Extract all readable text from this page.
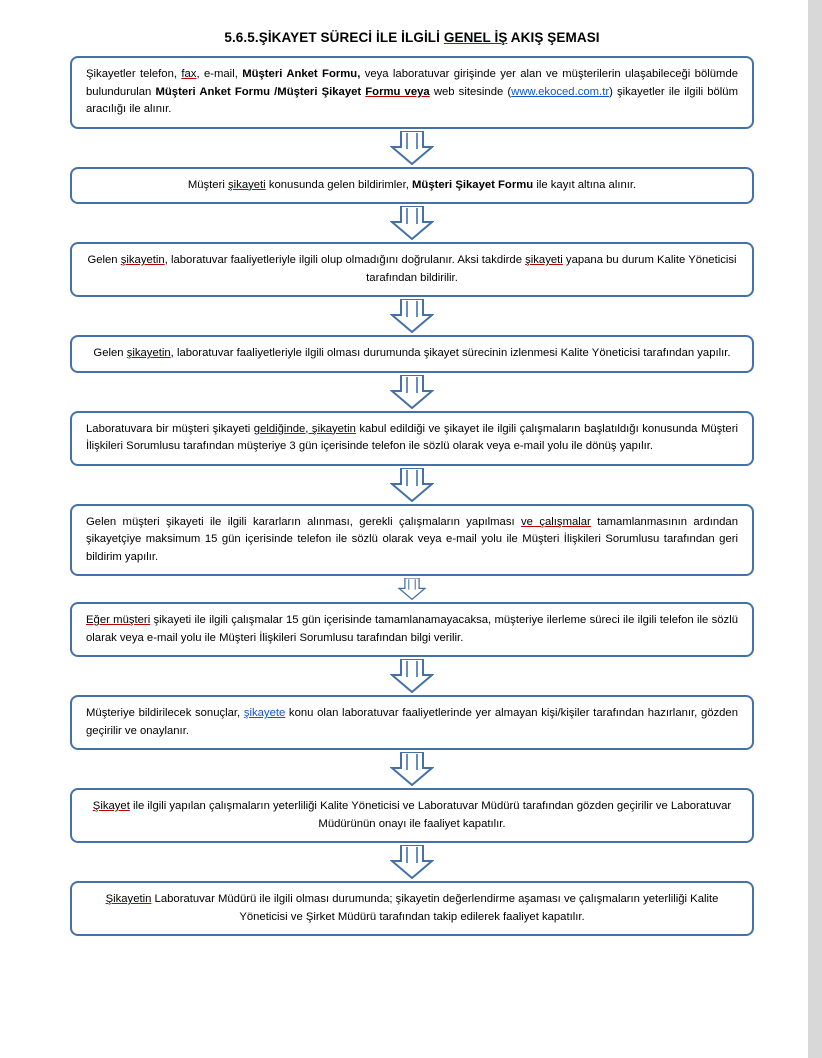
5.6.5.ŞİKAYET SÜRECİ İLE İLGİLİ GENEL İŞ AKIŞ ŞEMASI
Şikayetler telefon, fax, e-mail, Müşteri Anket Formu, veya laboratuvar girişinde yer alan ve müşterilerin ulaşabileceği bölümde bulundurulan Müşteri Anket Formu /Müşteri Şikayet Formu veya web sitesinde (www.ekoced.com.tr) şikayetler ile ilgili bölüm aracılığı ile alınır.
Müşteri şikayeti konusunda gelen bildirimler, Müşteri Şikayet Formu ile kayıt altına alınır.
Gelen şikayetin, laboratuvar faaliyetleriyle ilgili olup olmadığını doğrulanır. Aksi takdirde şikayeti yapana bu durum Kalite Yöneticisi tarafından bildirilir.
Gelen şikayetin, laboratuvar faaliyetleriyle ilgili olması durumunda şikayet sürecinin izlenmesi Kalite Yöneticisi tarafından yapılır.
Laboratuvara bir müşteri şikayeti geldiğinde, şikayetin kabul edildiği ve şikayet ile ilgili çalışmaların başlatıldığı konusunda Müşteri İlişkileri Sorumlusu tarafından müşteriye 3 gün içerisinde telefon ile sözlü olarak veya e-mail yolu ile dönüş yapılır.
Gelen müşteri şikayeti ile ilgili kararların alınması, gerekli çalışmaların yapılması ve çalışmalar tamamlanmasının ardından şikayetçiye maksimum 15 gün içerisinde telefon ile sözlü olarak veya e-mail yolu ile Müşteri İlişkileri Sorumlusu tarafından geri bildirim yapılır.
Eğer müşteri şikayeti ile ilgili çalışmalar 15 gün içerisinde tamamlanamayacaksa, müşteriye ilerleme süreci ile ilgili telefon ile sözlü olarak veya e-mail yolu ile Müşteri İlişkileri Sorumlusu tarafından bilgi verilir.
Müşteriye bildirilecek sonuçlar, şikayete konu olan laboratuvar faaliyetlerinde yer almayan kişi/kişiler tarafından hazırlanır, gözden geçirilir ve onaylanır.
Şikayet ile ilgili yapılan çalışmaların yeterliliği Kalite Yöneticisi ve Laboratuvar Müdürü tarafından gözden geçirilir ve Laboratuvar Müdürünün onayı ile faaliyet kapatılır.
Şikayetin Laboratuvar Müdürü ile ilgili olması durumunda; şikayetin değerlendirme aşaması ve çalışmaların yeterliliği Kalite Yöneticisi ve Şirket Müdürü tarafından takip edilerek faaliyet kapatılır.
